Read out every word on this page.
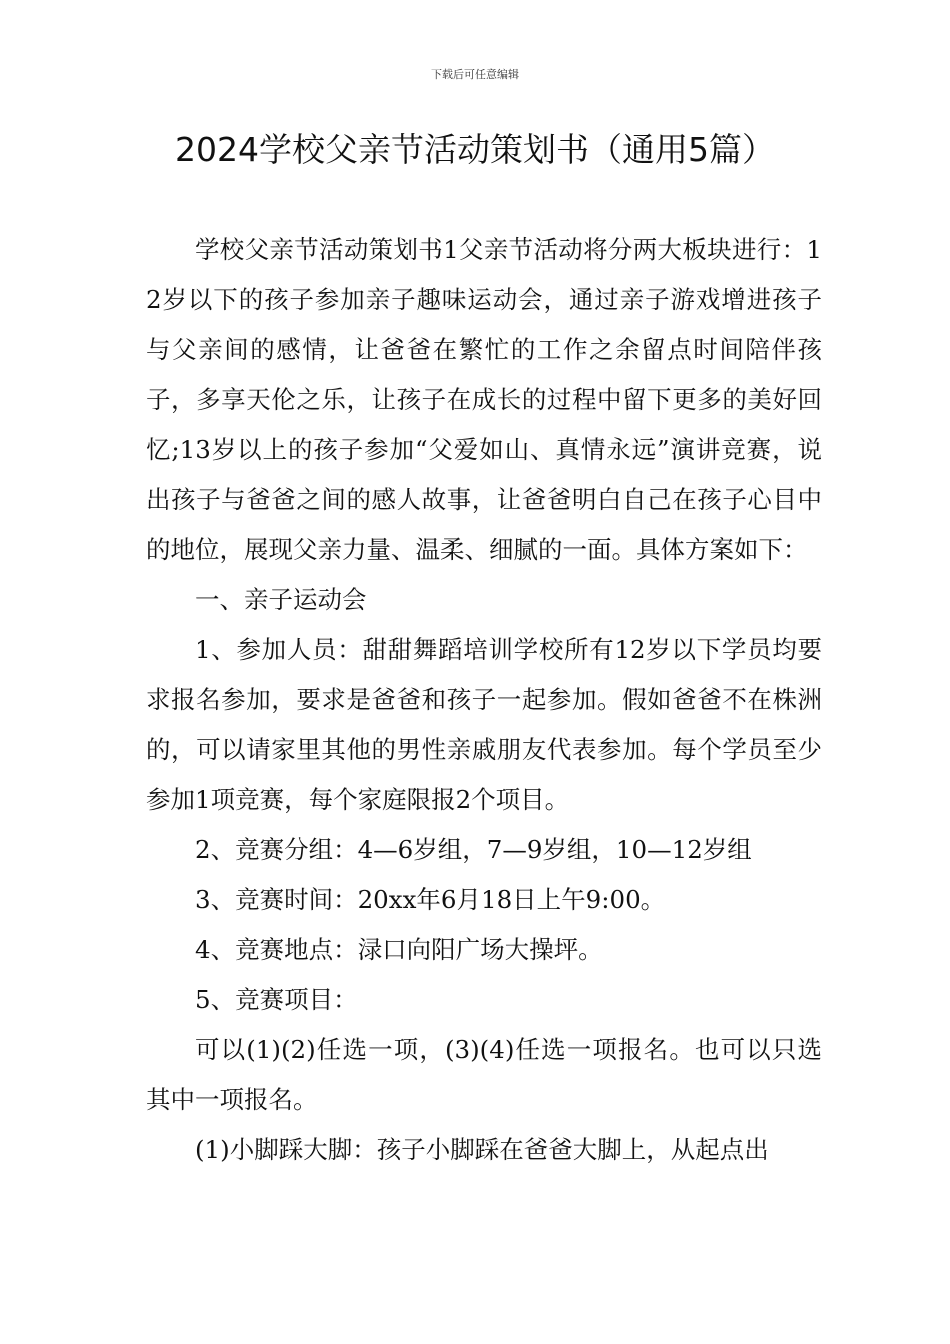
下载后可任意编辑
2024学校父亲节活动策划书（通用5篇）

学校父亲节活动策划书1父亲节活动将分两大板块进行：12岁以下的孩子参加亲子趣味运动会，通过亲子游戏增进孩子与父亲间的感情，让爸爸在繁忙的工作之余留点时间陪伴孩子，多享天伦之乐，让孩子在成长的过程中留下更多的美好回忆;13岁以上的孩子参加“父爱如山、真情永远”演讲竞赛，说出孩子与爸爸之间的感人故事，让爸爸明白自己在孩子心目中的地位，展现父亲力量、温柔、细腻的一面。具体方案如下：

一、亲子运动会

1、参加人员：甜甜舞蹈培训学校所有12岁以下学员均要求报名参加，要求是爸爸和孩子一起参加。假如爸爸不在株洲的，可以请家里其他的男性亲戚朋友代表参加。每个学员至少参加1项竞赛，每个家庭限报2个项目。

2、竞赛分组：4—6岁组，7—9岁组，10—12岁组

3、竞赛时间：20xx年6月18日上午9:00。

4、竞赛地点：渌口向阳广场大操坪。

5、竞赛项目：

可以(1)(2)任选一项，(3)(4)任选一项报名。也可以只选其中一项报名。

(1)小脚踩大脚：孩子小脚踩在爸爸大脚上，从起点出
